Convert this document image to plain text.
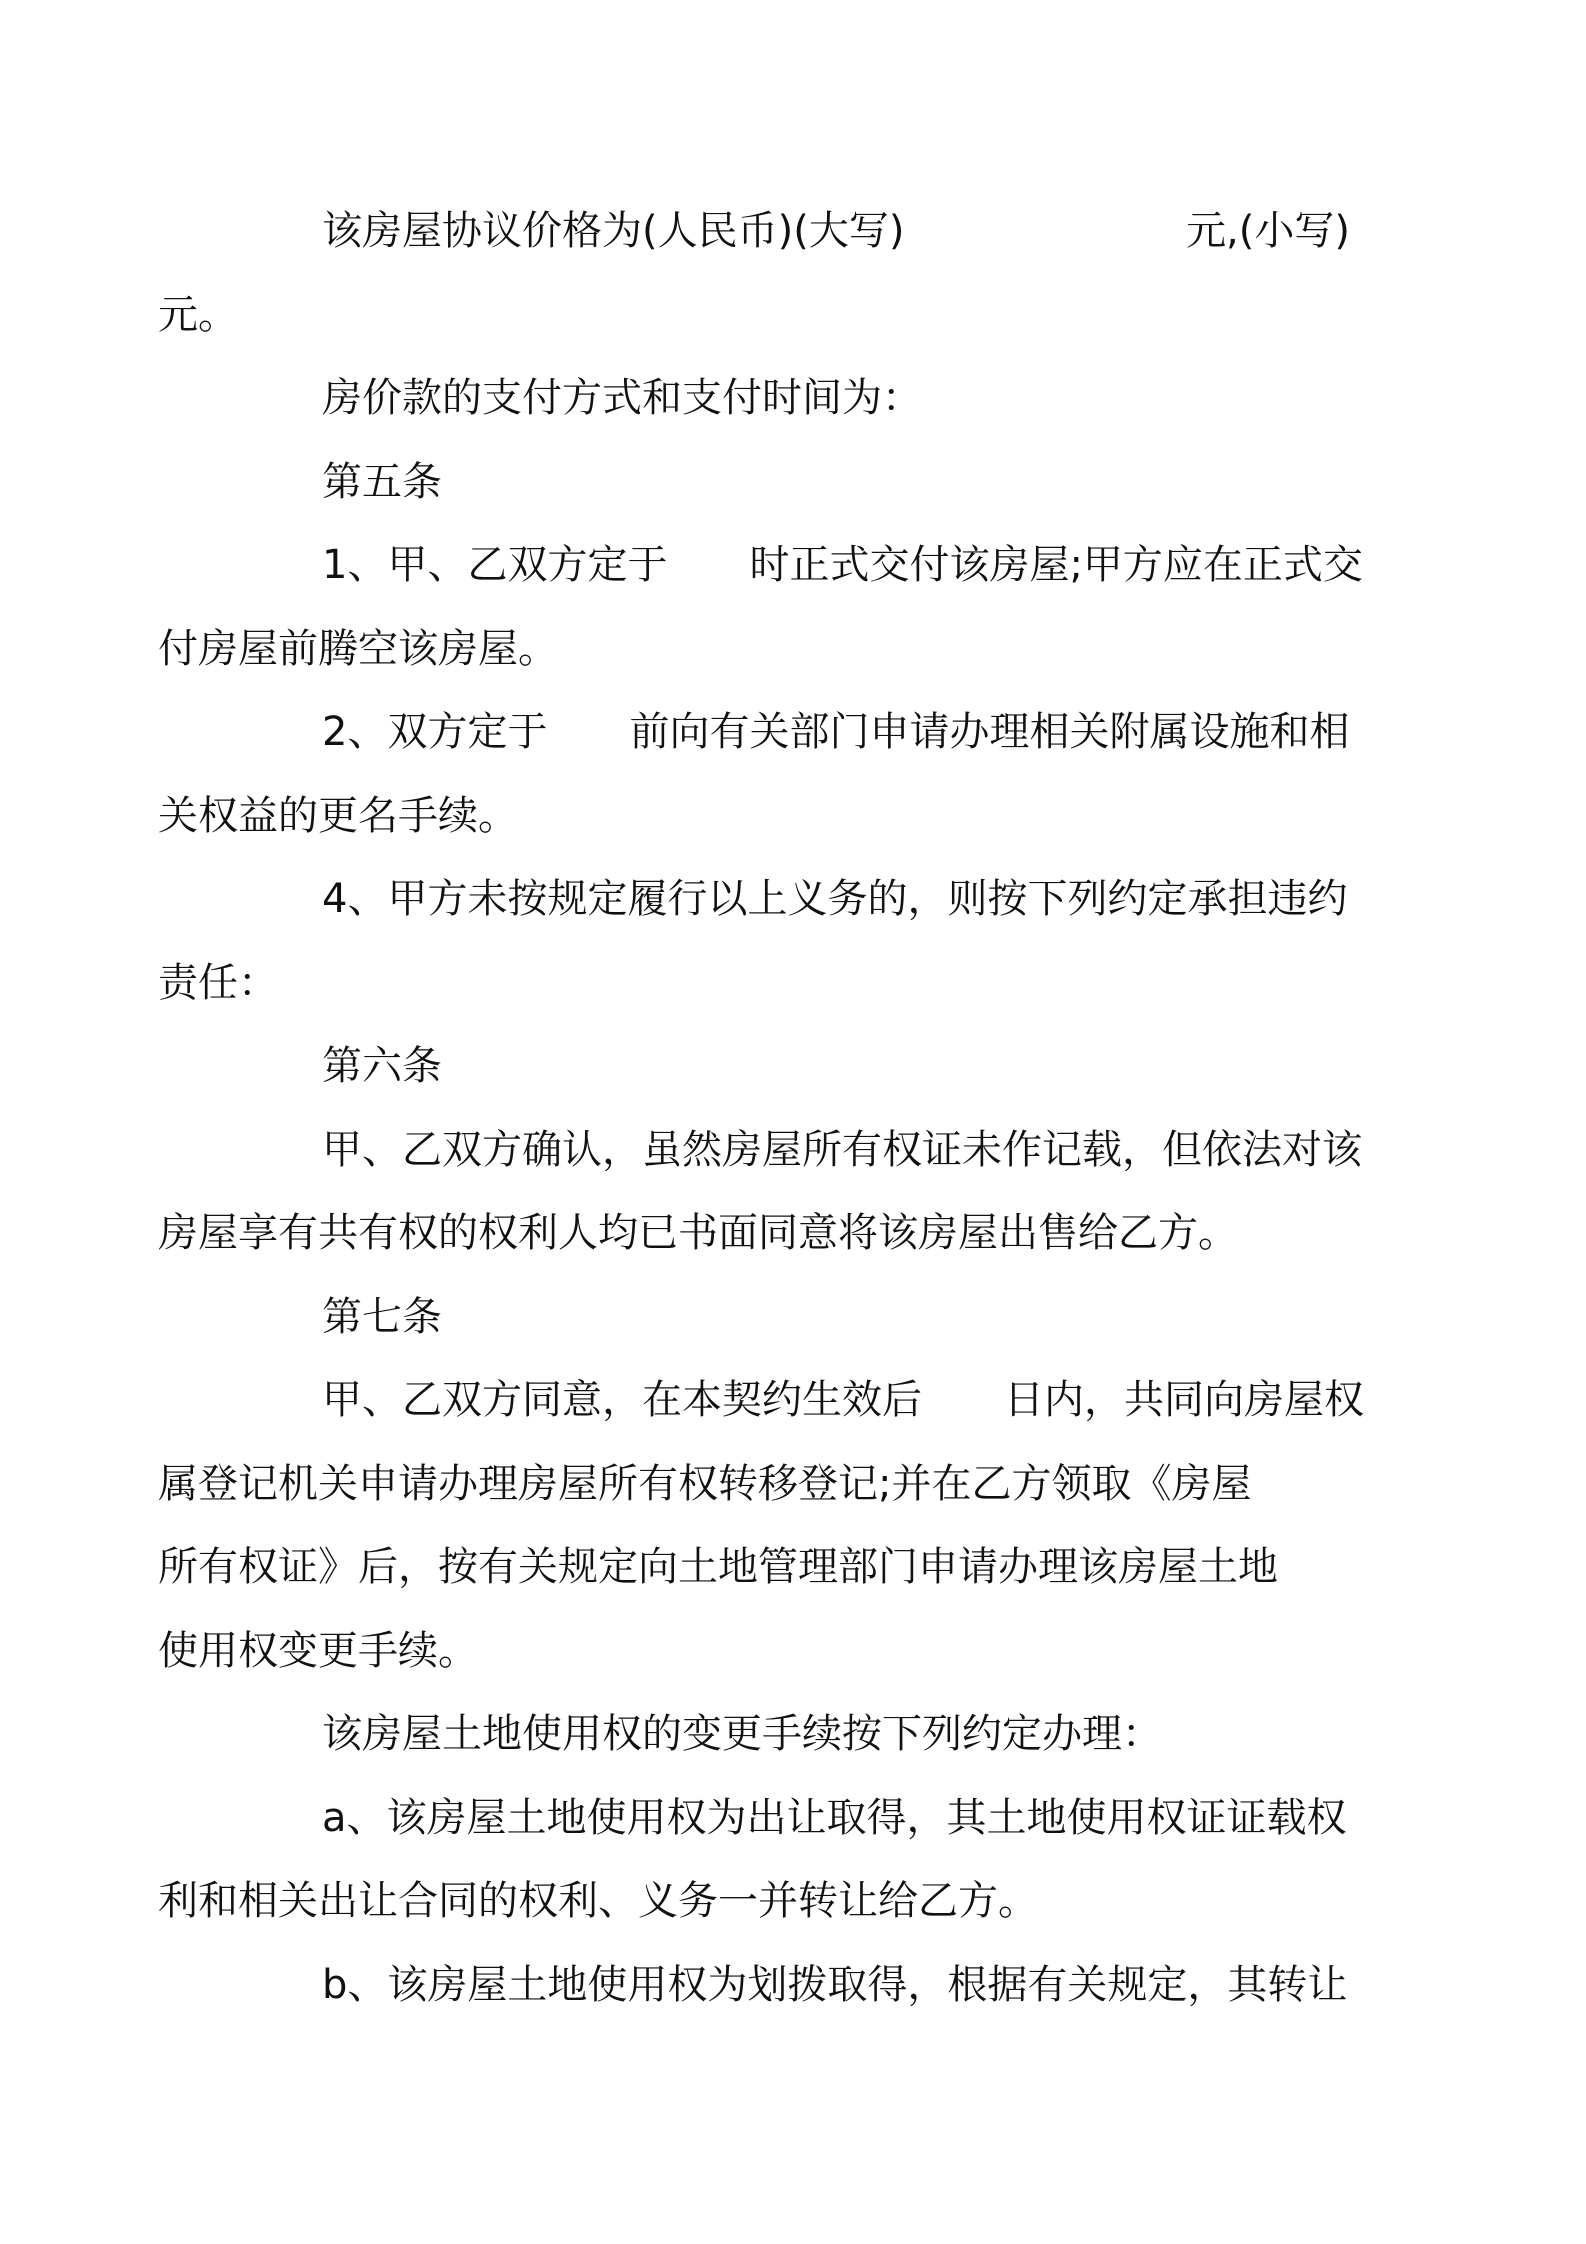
该房屋协议价格为(人民币)(大写)	元,(小写)
元。

房价款的支付方式和支付时间为：

第五条

1、甲、乙双方定于 时正式交付该房屋;甲方应在正式交
付房屋前腾空该房屋。

2、双方定于 前向有关部门申请办理相关附属设施和相
关权益的更名手续。

4、甲方未按规定履行以上义务的，则按下列约定承担违约
责任：

第六条

甲、乙双方确认，虽然房屋所有权证未作记载，但依法对该
房屋享有共有权的权利人均已书面同意将该房屋出售给乙方。

第七条

甲、乙双方同意，在本契约生效后 日内，共同向房屋权
属登记机关申请办理房屋所有权转移登记;并在乙方领取《房屋
所有权证》后，按有关规定向土地管理部门申请办理该房屋土地
使用权变更手续。

该房屋土地使用权的变更手续按下列约定办理：

a、该房屋土地使用权为出让取得，其土地使用权证证载权
利和相关出让合同的权利、义务一并转让给乙方。

b、该房屋土地使用权为划拨取得，根据有关规定，其转让
